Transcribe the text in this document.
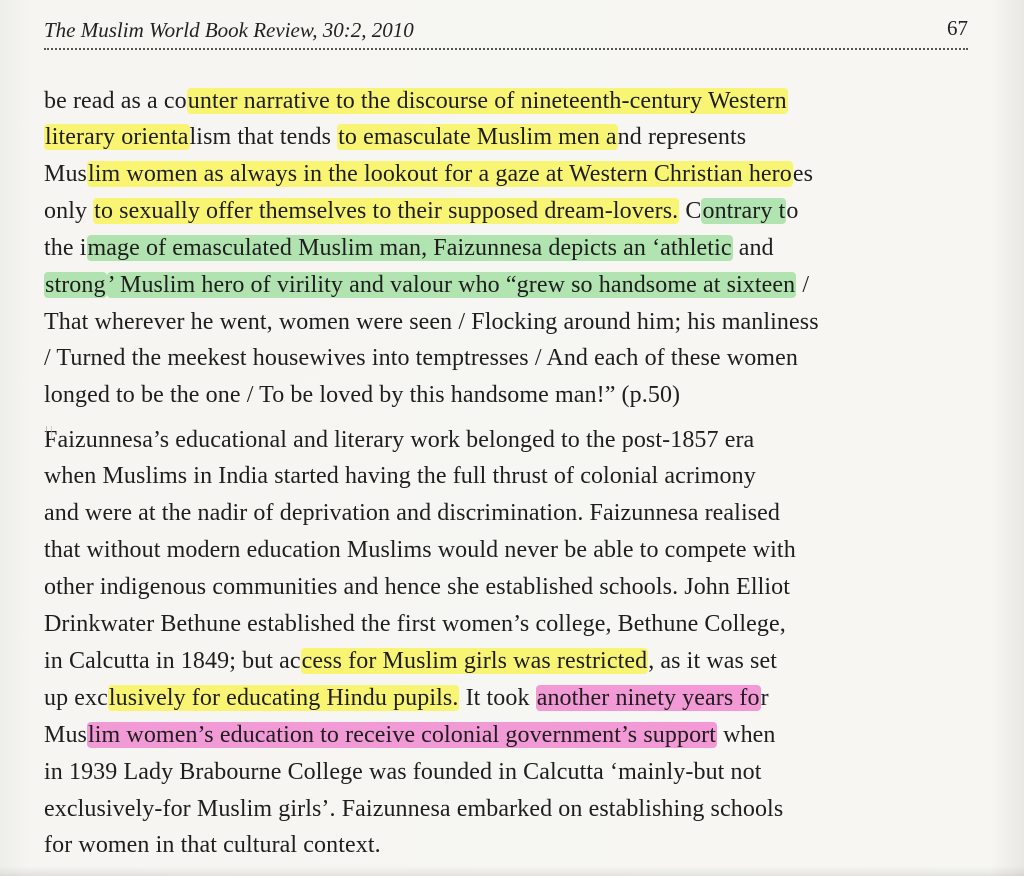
The Muslim World Book Review, 30:2, 2010	67
be read as a counter narrative to the discourse of nineteenth-century Western
literary orientalism that tends to emasculate Muslim men and represents
Muslim women as always in the lookout for a gaze at Western Christian heroes
only to sexually offer themselves to their supposed dream-lovers. Contrary to
the image of emasculated Muslim man, Faizunnesa depicts an ‘athletic and
strong’ Muslim hero of virility and valour who “grew so handsome at sixteen /
That wherever he went, women were seen / Flocking around him; his manliness
/ Turned the meekest housewives into temptresses / And each of these women
longed to be the one / To be loved by this handsome man!” (p.50)
Faizunnesa’s educational and literary work belonged to the post-1857 era
when Muslims in India started having the full thrust of colonial acrimony
and were at the nadir of deprivation and discrimination. Faizunnesa realised
that without modern education Muslims would never be able to compete with
other indigenous communities and hence she established schools. John Elliot
Drinkwater Bethune established the first women’s college, Bethune College,
in Calcutta in 1849; but access for Muslim girls was restricted, as it was set
up exclusively for educating Hindu pupils. It took another ninety years for
Muslim women’s education to receive colonial government’s support when
in 1939 Lady Brabourne College was founded in Calcutta ‘mainly-but not
exclusively-for Muslim girls’. Faizunnesa embarked on establishing schools
for women in that cultural context.
